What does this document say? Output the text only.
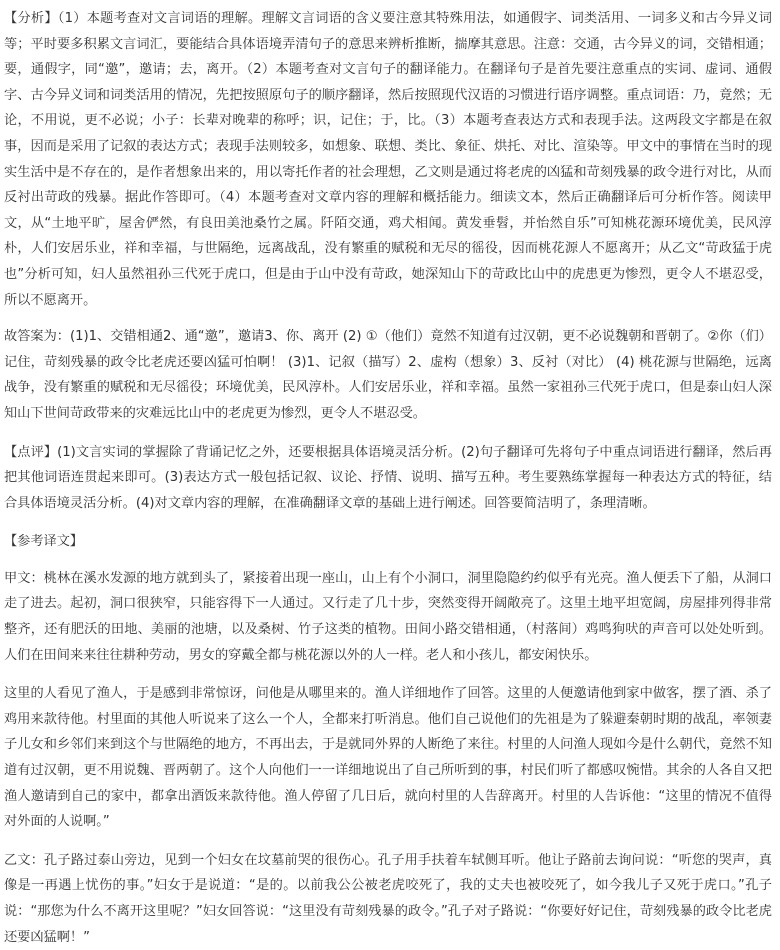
【分析】（1）本题考查对文言词语的理解。理解文言词语的含义要注意其特殊用法，如通假字、词类活用、一词多义和古今异义词等；平时要多积累文言词汇，要能结合具体语境弄清句子的意思来辨析推断，揣摩其意思。注意：交通，古今异义的词，交错相通；要，通假字，同“邀”，邀请；去，离开。（2）本题考查对文言句子的翻译能力。在翻译句子是首先要注意重点的实词、虚词、通假字、古今异义词和词类活用的情况，先把按照原句子的顺序翻译，然后按照现代汉语的习惯进行语序调整。重点词语：乃，竟然；无论，不用说，更不必说；小子：长辈对晚辈的称呼；识，记住；于，比。（3）本题考查表达方式和表现手法。这两段文字都是在叙事，因而是采用了记叙的表达方式；表现手法则较多，如想象、联想、类比、象征、烘托、对比、渲染等。甲文中的事情在当时的现实生活中是不存在的，是作者想象出来的，用以寄托作者的社会理想，乙文则是通过将老虎的凶猛和苛刻残暴的政令进行对比，从而反衬出苛政的残暴。据此作答即可。（4）本题考查对文章内容的理解和概括能力。细读文本，然后正确翻译后可分析作答。阅读甲文，从“土地平旷，屋舍俨然，有良田美池桑竹之属。阡陌交通，鸡犬相闻。黄发垂髫，并怡然自乐”可知桃花源环境优美，民风淳朴，人们安居乐业，祥和幸福，与世隔绝，远离战乱，没有繁重的赋税和无尽的徭役，因而桃花源人不愿离开；从乙文“苛政猛于虎也”分析可知，妇人虽然祖孙三代死于虎口，但是由于山中没有苛政，她深知山下的苛政比山中的虎患更为惨烈，更令人不堪忍受，所以不愿离开。

故答案为：(1)1、交错相通2、通“邀”，邀请3、你、离开 (2) ①（他们）竟然不知道有过汉朝，更不必说魏朝和晋朝了。②你（们）记住，苛刻残暴的政令比老虎还要凶猛可怕啊！ (3)1、记叙（描写）2、虚构（想象）3、反衬（对比） (4) 桃花源与世隔绝，远离战争，没有繁重的赋税和无尽徭役；环境优美，民风淳朴。人们安居乐业，祥和幸福。虽然一家祖孙三代死于虎口，但是泰山妇人深知山下世间苛政带来的灾难远比山中的老虎更为惨烈，更令人不堪忍受。

【点评】(1)文言实词的掌握除了背诵记忆之外，还要根据具体语境灵活分析。(2)句子翻译可先将句子中重点词语进行翻译，然后再把其他词语连贯起来即可。(3)表达方式一般包括记叙、议论、抒情、说明、描写五种。考生要熟练掌握每一种表达方式的特征，结合具体语境灵活分析。(4)对文章内容的理解，在准确翻译文章的基础上进行阐述。回答要简洁明了，条理清晰。

【参考译文】

甲文：桃林在溪水发源的地方就到头了，紧接着出现一座山，山上有个小洞口，洞里隐隐约约似乎有光亮。渔人便丢下了船，从洞口走了进去。起初，洞口很狭窄，只能容得下一人通过。又行走了几十步，突然变得开阔敞亮了。这里土地平坦宽阔，房屋排列得非常整齐，还有肥沃的田地、美丽的池塘，以及桑树、竹子这类的植物。田间小路交错相通，（村落间）鸡鸣狗吠的声音可以处处听到。人们在田间来来往往耕种劳动，男女的穿戴全都与桃花源以外的人一样。老人和小孩儿，都安闲快乐。

这里的人看见了渔人，于是感到非常惊讶，问他是从哪里来的。渔人详细地作了回答。这里的人便邀请他到家中做客，摆了酒、杀了鸡用来款待他。村里面的其他人听说来了这么一个人，全都来打听消息。他们自己说他们的先祖是为了躲避秦朝时期的战乱，率领妻子儿女和乡邻们来到这个与世隔绝的地方，不再出去，于是就同外界的人断绝了来往。村里的人问渔人现如今是什么朝代，竟然不知道有过汉朝，更不用说魏、晋两朝了。这个人向他们一一详细地说出了自己所听到的事，村民们听了都感叹惋惜。其余的人各自又把渔人邀请到自己的家中，都拿出酒饭来款待他。渔人停留了几日后，就向村里的人告辞离开。村里的人告诉他：“这里的情况不值得对外面的人说啊。”

乙文：孔子路过泰山旁边，见到一个妇女在坟墓前哭的很伤心。孔子用手扶着车轼侧耳听。他让子路前去询问说：“听您的哭声，真像是一再遇上忧伤的事。”妇女于是说道：“是的。以前我公公被老虎咬死了，我的丈夫也被咬死了，如今我儿子又死于虎口。”孔子说：“那您为什么不离开这里呢？”妇女回答说：“这里没有苛刻残暴的政令。”孔子对子路说：“你要好好记住，苛刻残暴的政令比老虎还要凶猛啊！”
